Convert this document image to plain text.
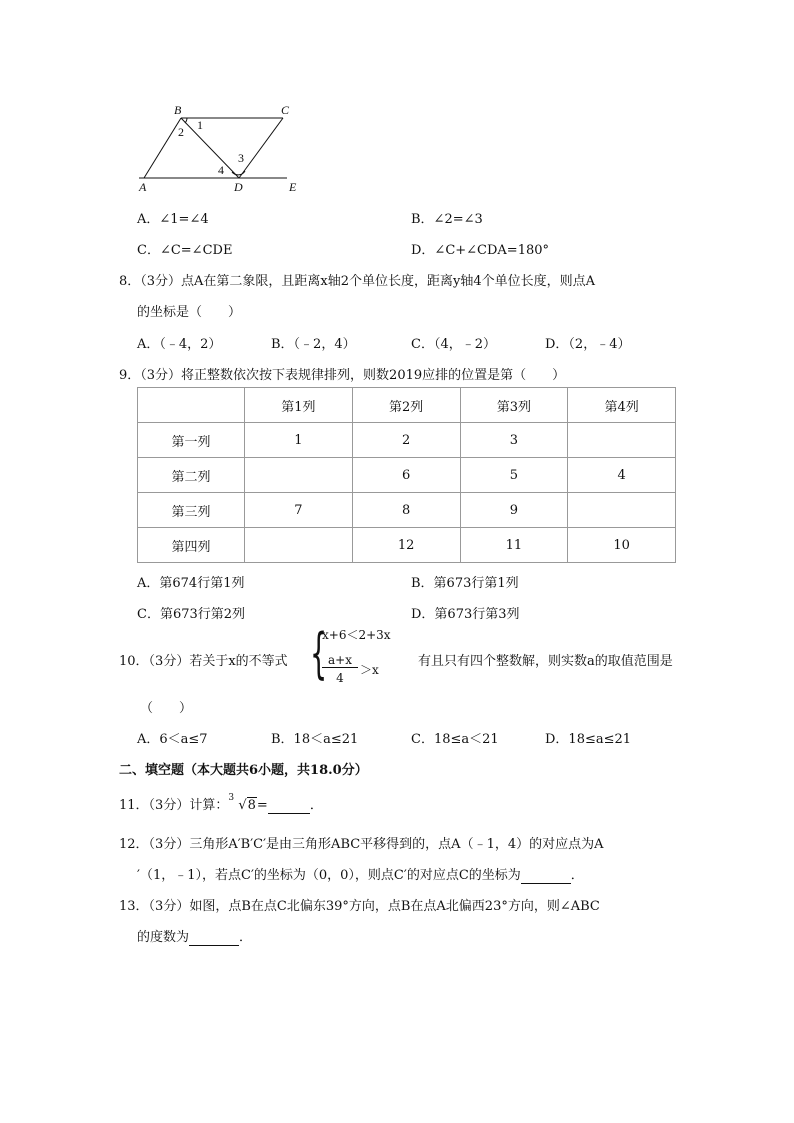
B	C
A	D	E
1
2
3
4
A．∠1=∠4	B．∠2=∠3
C．∠C=∠CDE	D．∠C+∠CDA=180°
8．（3分）点A在第二象限，且距离x轴2个单位长度，距离y轴4个单位长度，则点A
的坐标是（　　）
A．（﹣4，2）	B．（﹣2，4）	C．（4，﹣2）	D．（2，﹣4）
9．（3分）将正整数依次按下表规律排列，则数2019应排的位置是第（　　）
	第1列	第2列	第3列	第4列
第一列	1	2	3	
第二列		6	5	4
第三列	7	8	9	
第四列		12	11	10
A．第674行第1列	B．第673行第1列
C．第673行第2列	D．第673行第3列
10．（3分）若关于x的不等式 {
x+6＜2+3x
a+x
4
＞x
有且只有四个整数解，则实数a的取值范围是
（　　）
A．6＜a≤7	B．18＜a≤21	C．18≤a＜21	D．18≤a≤21
二、填空题（本大题共6小题，共18.0分）
11．（3分）计算： 3 √8=	．
12．（3分）三角形A′B′C′是由三角形ABC平移得到的，点A（﹣1，4）的对应点为A
′（1，﹣1），若点C′的坐标为（0，0），则点C′的对应点C的坐标为	．
13．（3分）如图，点B在点C北偏东39°方向，点B在点A北偏西23°方向，则∠ABC
的度数为	．
